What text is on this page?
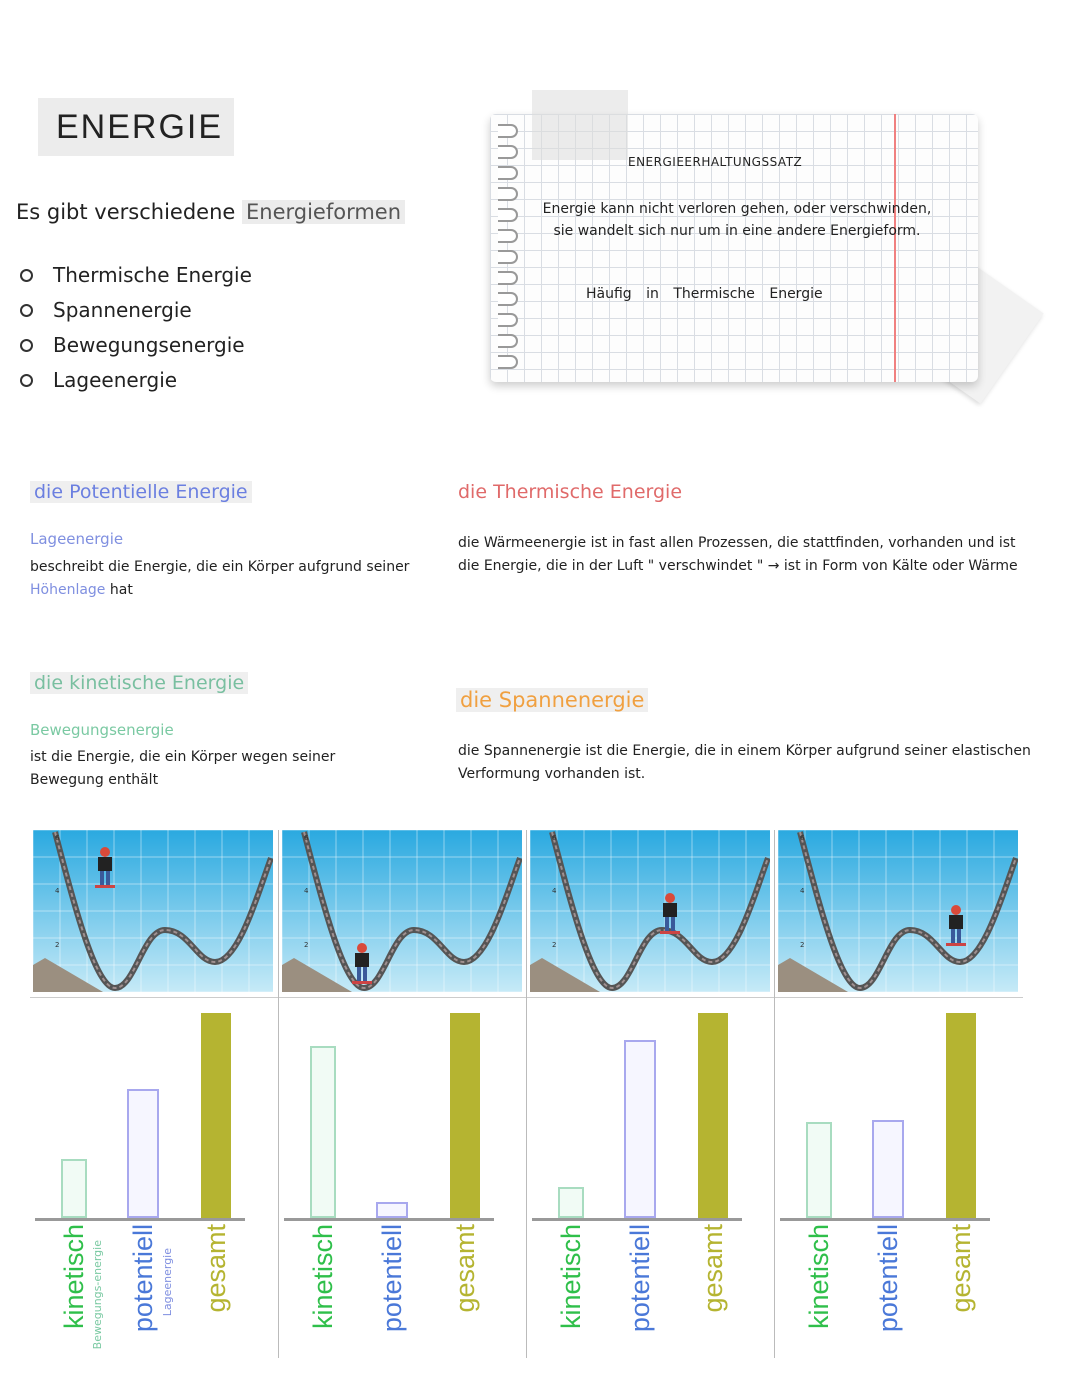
ENERGIE
Es gibt verschiedene Energieformen
Thermische Energie
Spannenergie
Bewegungsenergie
Lageenergie
ENERGIEERHALTUNGSSATZ
Energie kann nicht verloren gehen, oder verschwinden, sie wandelt sich nur um in eine andere Energieform.
Häufig in Thermische Energie
die Potentielle Energie
Lageenergie
beschreibt die Energie, die ein Körper aufgrund seiner Höhenlage hat
die Thermische Energie
die Wärmeenergie ist in fast allen Prozessen, die stattfinden, vorhanden und ist die Energie, die in der Luft " verschwindet " → ist in Form von Kälte oder Wärme
die kinetische Energie
Bewegungsenergie
ist die Energie, die ein Körper wegen seiner Bewegung enthält
die Spannenergie
die Spannenergie ist die Energie, die in einem Körper aufgrund seiner elastischen Verformung vorhanden ist.
6
4
2
kinetisch potentiell gesamt
Bewegungs-energie	Lageenergie
6
4
2
kinetisch potentiell gesamt
6
4
2
kinetisch potentiell gesamt
6
4
2
kinetisch potentiell gesamt
